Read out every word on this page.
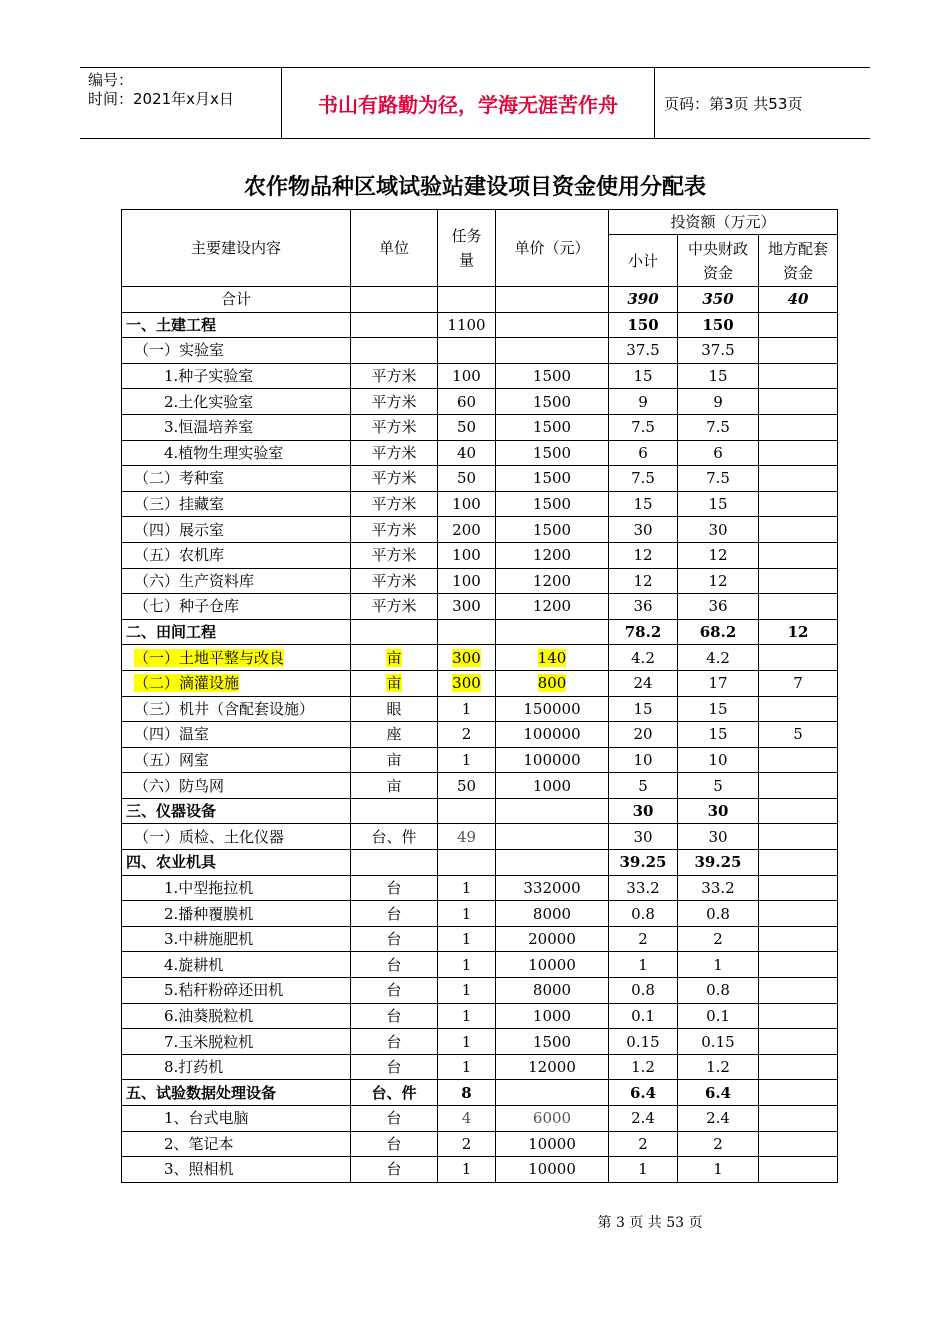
编号：
时间：2021年x月x日	书山有路勤为径，学海无涯苦作舟	页码：第3页 共53页
农作物品种区域试验站建设项目资金使用分配表
主要建设内容	单位	任务量	单价（元）	投资额（万元）		
				小计	中央财政资金	地方配套资金
合计				390	350	40
一、土建工程		1100		150	150	
（一）实验室				37.5	37.5	
1.种子实验室	平方米	100	1500	15	15	
2.土化实验室	平方米	60	1500	9	9	
3.恒温培养室	平方米	50	1500	7.5	7.5	
4.植物生理实验室	平方米	40	1500	6	6	
（二）考种室	平方米	50	1500	7.5	7.5	
（三）挂藏室	平方米	100	1500	15	15	
（四）展示室	平方米	200	1500	30	30	
（五）农机库	平方米	100	1200	12	12	
（六）生产资料库	平方米	100	1200	12	12	
（七）种子仓库	平方米	300	1200	36	36	
二、田间工程				78.2	68.2	12
（一）土地平整与改良	亩	300	140	4.2	4.2	
（二）滴灌设施	亩	300	800	24	17	7
（三）机井（含配套设施）	眼	1	150000	15	15	
（四）温室	座	2	100000	20	15	5
（五）网室	亩	1	100000	10	10	
（六）防鸟网	亩	50	1000	5	5	
三、仪器设备				30	30	
（一）质检、土化仪器	台、件	49		30	30	
四、农业机具				39.25	39.25	
1.中型拖拉机	台	1	332000	33.2	33.2	
2.播种覆膜机	台	1	8000	0.8	0.8	
3.中耕施肥机	台	1	20000	2	2	
4.旋耕机	台	1	10000	1	1	
5.秸秆粉碎还田机	台	1	8000	0.8	0.8	
6.油葵脱粒机	台	1	1000	0.1	0.1	
7.玉米脱粒机	台	1	1500	0.15	0.15	
8.打药机	台	1	12000	1.2	1.2	
五、试验数据处理设备	台、件	8		6.4	6.4	
1、台式电脑	台	4	6000	2.4	2.4	
2、笔记本	台	2	10000	2	2	
3、照相机	台	1	10000	1	1	
第 3 页 共 53 页
